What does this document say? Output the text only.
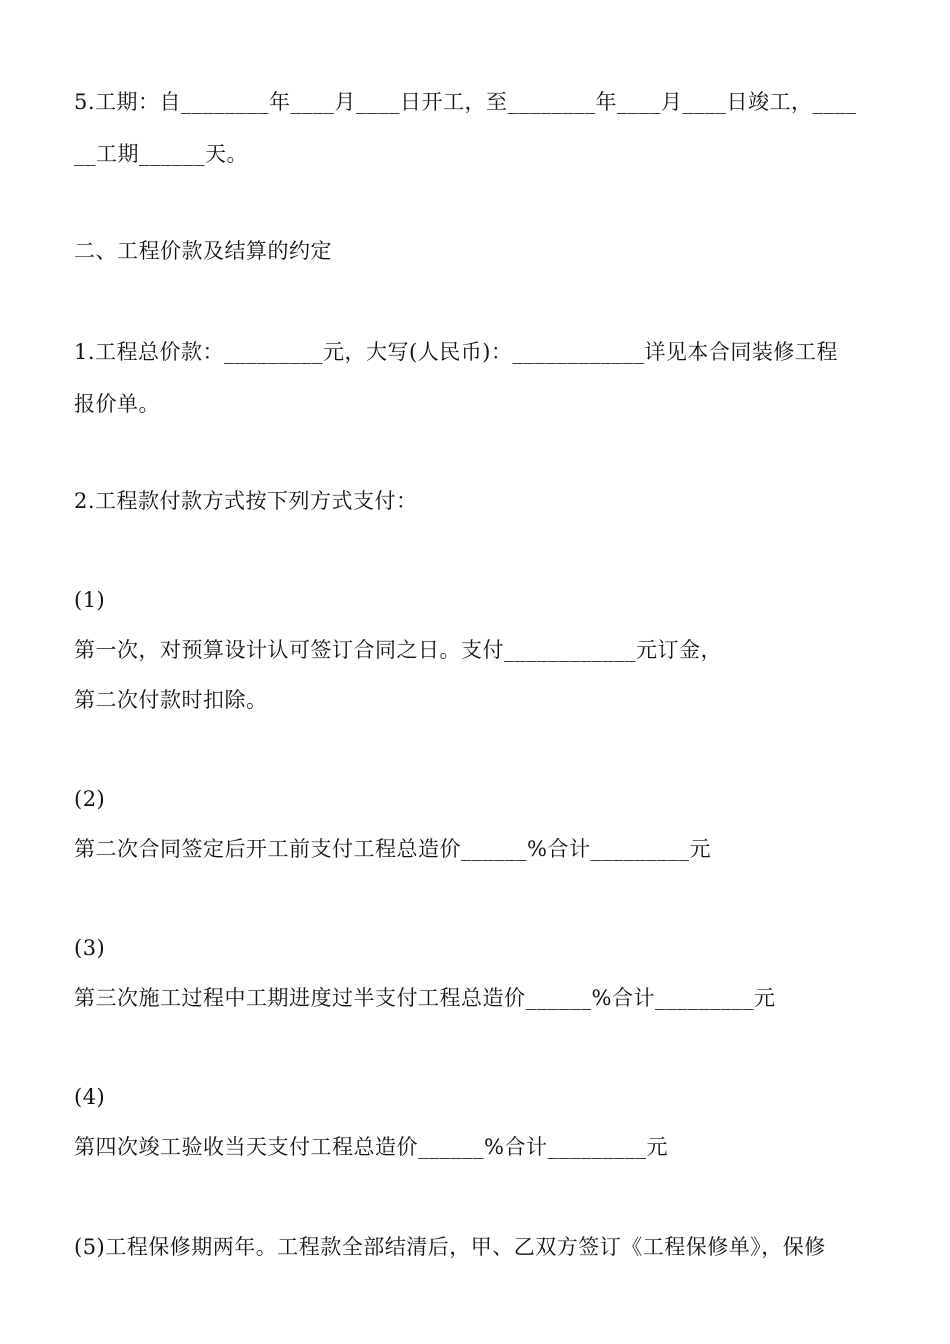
5.工期：自________年____月____日开工，至________年____月____日竣工，____
__工期______天。
二、工程价款及结算的约定
1.工程总价款：_________元，大写(人民币)：____________详见本合同装修工程
报价单。
2.工程款付款方式按下列方式支付：
(1)
第一次，对预算设计认可签订合同之日。支付____________元订金，
第二次付款时扣除。
(2)
第二次合同签定后开工前支付工程总造价______%合计_________元
(3)
第三次施工过程中工期进度过半支付工程总造价______%合计_________元
(4)
第四次竣工验收当天支付工程总造价______%合计_________元
(5)工程保修期两年。工程款全部结清后，甲、乙双方签订《工程保修单》，保修
